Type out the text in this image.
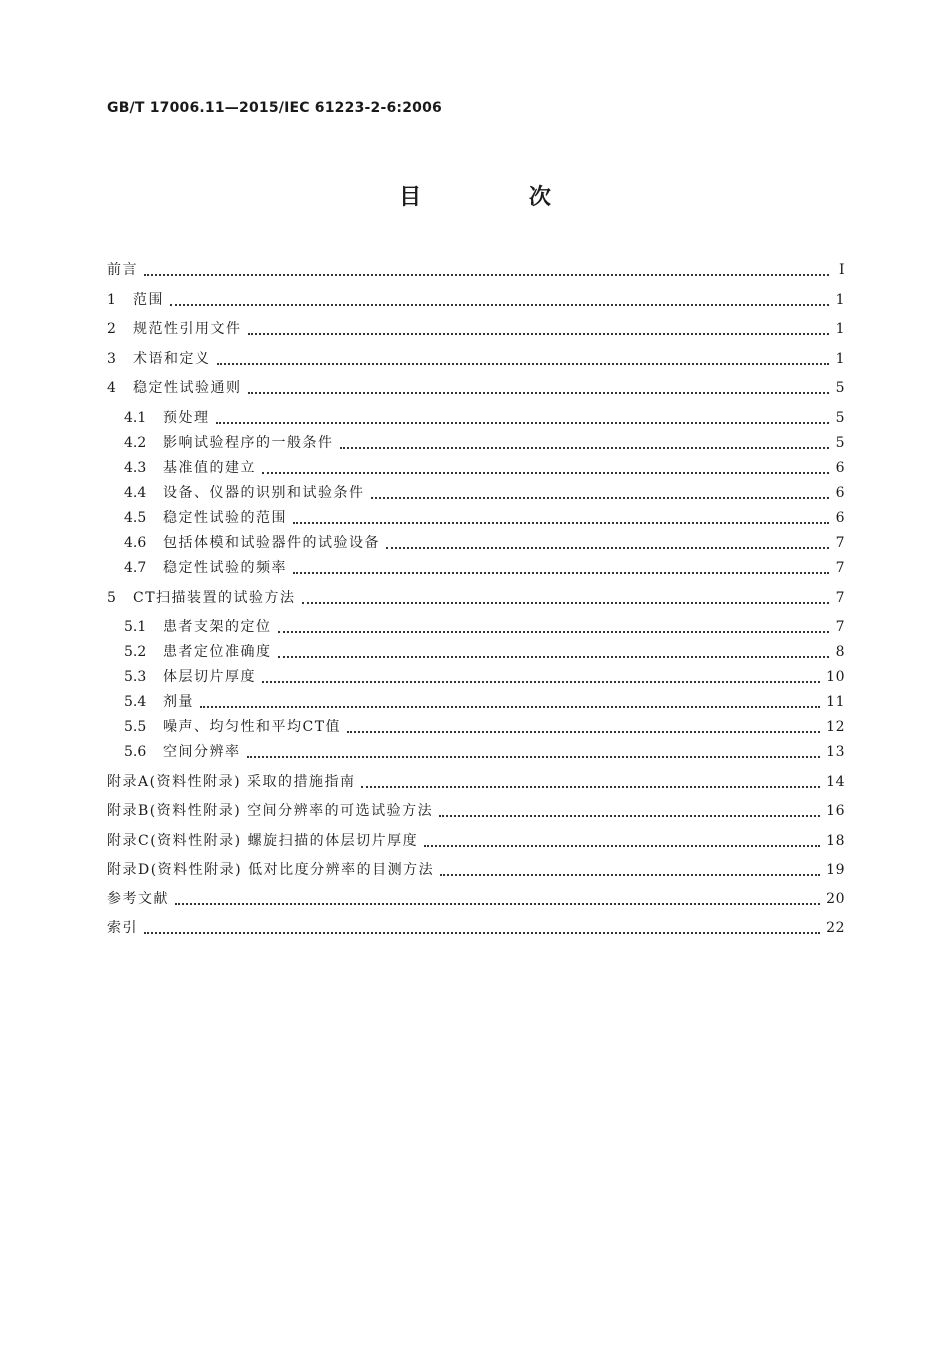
GB/T 17006.11—2015/IEC 61223-2-6:2006
目 次
前言	Ⅰ
1	范围	1
2	规范性引用文件	1
3	术语和定义	1
4	稳定性试验通则	5
4.1	预处理	5
4.2	影响试验程序的一般条件	5
4.3	基准值的建立	6
4.4	设备、仪器的识别和试验条件	6
4.5	稳定性试验的范围	6
4.6	包括体模和试验器件的试验设备	7
4.7	稳定性试验的频率	7
5	CT扫描装置的试验方法	7
5.1	患者支架的定位	7
5.2	患者定位准确度	8
5.3	体层切片厚度	10
5.4	剂量	11
5.5	噪声、均匀性和平均CT值	12
5.6	空间分辨率	13
附录A(资料性附录) 采取的措施指南	14
附录B(资料性附录) 空间分辨率的可选试验方法	16
附录C(资料性附录) 螺旋扫描的体层切片厚度	18
附录D(资料性附录) 低对比度分辨率的目测方法	19
参考文献	20
索引	22
